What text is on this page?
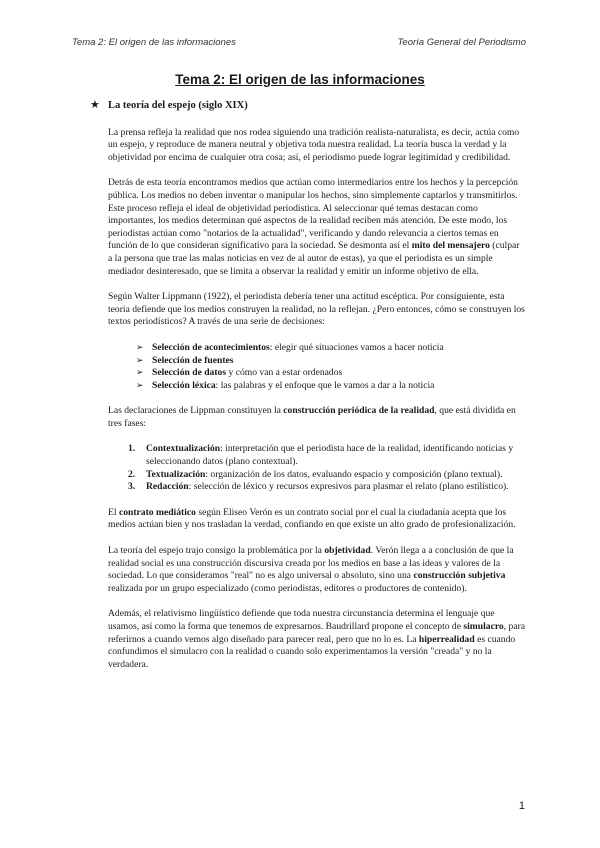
Tema 2: El origen de las informaciones	Teoría General del Periodismo
Tema 2: El origen de las informaciones
★ La teoría del espejo (siglo XIX)

La prensa refleja la realidad que nos rodea siguiendo una tradición realista-naturalista, es decir, actúa como un espejo, y reproduce de manera neutral y objetiva toda nuestra realidad. La teoría busca la verdad y la objetividad por encima de cualquier otra cosa; así, el periodismo puede lograr legitimidad y credibilidad.

Detrás de esta teoría encontramos medios que actúan como intermediarios entre los hechos y la percepción pública. Los medios no deben inventar o manipular los hechos, sino simplemente captarlos y transmitirlos. Este proceso refleja el ideal de objetividad periodística. Al seleccionar qué temas destacan como importantes, los medios determinan qué aspectos de la realidad reciben más atención. De este modo, los periodistas actúan como "notarios de la actualidad", verificando y dando relevancia a ciertos temas en función de lo que consideran significativo para la sociedad. Se desmonta así el mito del mensajero (culpar a la persona que trae las malas noticias en vez de al autor de estas), ya que el periodista es un simple mediador desinteresado, que se limita a observar la realidad y emitir un informe objetivo de ella.

Según Walter Lippmann (1922), el periodista debería tener una actitud escéptica. Por consiguiente, esta teoría defiende que los medios construyen la realidad, no la reflejan. ¿Pero entonces, cómo se construyen los textos periodísticos? A través de una serie de decisiones:

➢ Selección de acontecimientos: elegir qué situaciones vamos a hacer noticia
➢ Selección de fuentes
➢ Selección de datos y cómo van a estar ordenados
➢ Selección léxica: las palabras y el enfoque que le vamos a dar a la noticia

Las declaraciones de Lippman constituyen la construcción periódica de la realidad, que está dividida en tres fases:

1. Contextualización: interpretación que el periodista hace de la realidad, identificando noticias y seleccionando datos (plano contextual).
2. Textualización: organización de los datos, evaluando espacio y composición (plano textual).
3. Redacción: selección de léxico y recursos expresivos para plasmar el relato (plano estilístico).

El contrato mediático según Eliseo Verón es un contrato social por el cual la ciudadanía acepta que los medios actúan bien y nos trasladan la verdad, confiando en que existe un alto grado de profesionalización.

La teoría del espejo trajo consigo la problemática por la objetividad. Verón llega a a conclusión de que la realidad social es una construcción discursiva creada por los medios en base a las ideas y valores de la sociedad. Lo que consideramos "real" no es algo universal o absoluto, sino una construcción subjetiva realizada por un grupo especializado (como periodistas, editores o productores de contenido).

Además, el relativismo lingüístico defiende que toda nuestra circunstancia determina el lenguaje que usamos, así como la forma que tenemos de expresarnos. Baudrillard propone el concepto de simulacro, para referirnos a cuando vemos algo diseñado para parecer real, pero que no lo es. La hiperrealidad es cuando confundimos el simulacro con la realidad o cuando solo experimentamos la versión "creada" y no la verdadera.

1
